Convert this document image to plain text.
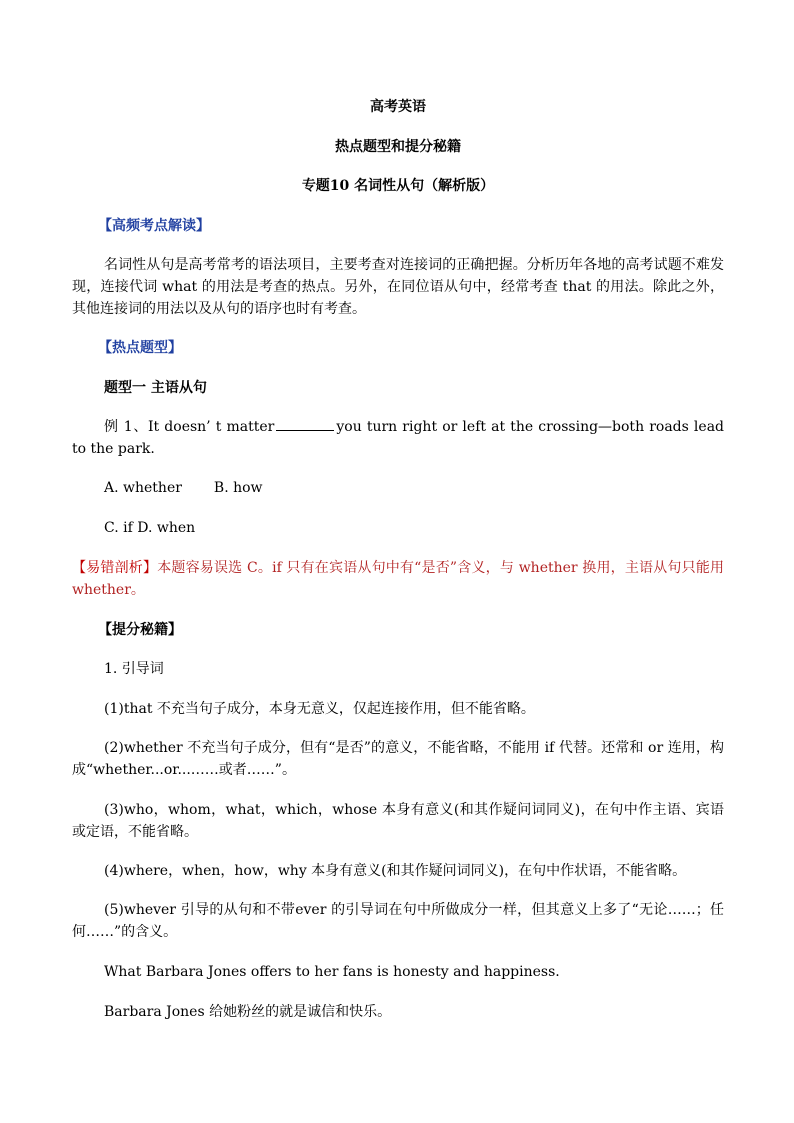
高考英语
热点题型和提分秘籍
专题10 名词性从句（解析版）
【高频考点解读】
名词性从句是高考常考的语法项目，主要考查对连接词的正确把握。分析历年各地的高考试题不难发现，连接代词 what 的用法是考查的热点。另外，在同位语从句中，经常考查 that 的用法。除此之外，其他连接词的用法以及从句的语序也时有考查。
【热点题型】
题型一 主语从句
例 1、It doesn’ t matter	you turn right or left at the crossing—both roads lead to the park.
A. whether B. how
C. if D. when
【易错剖析】本题容易误选 C。if 只有在宾语从句中有“是否”含义，与 whether 换用，主语从句只能用 whether。
【提分秘籍】
1. 引导词
(1)that 不充当句子成分，本身无意义，仅起连接作用，但不能省略。
(2)whether 不充当句子成分，但有“是否”的意义，不能省略，不能用 if 代替。还常和 or 连用，构成“whether...or...……或者……”。
(3)who，whom，what，which，whose 本身有意义(和其作疑问词同义)，在句中作主语、宾语或定语，不能省略。
(4)where，when，how，why 本身有意义(和其作疑问词同义)，在句中作状语，不能省略。
(5)whever 引导的从句和不带ever 的引导词在句中所做成分一样，但其意义上多了“无论……；任何……”的含义。
What Barbara Jones offers to her fans is honesty and happiness.
Barbara Jones 给她粉丝的就是诚信和快乐。
